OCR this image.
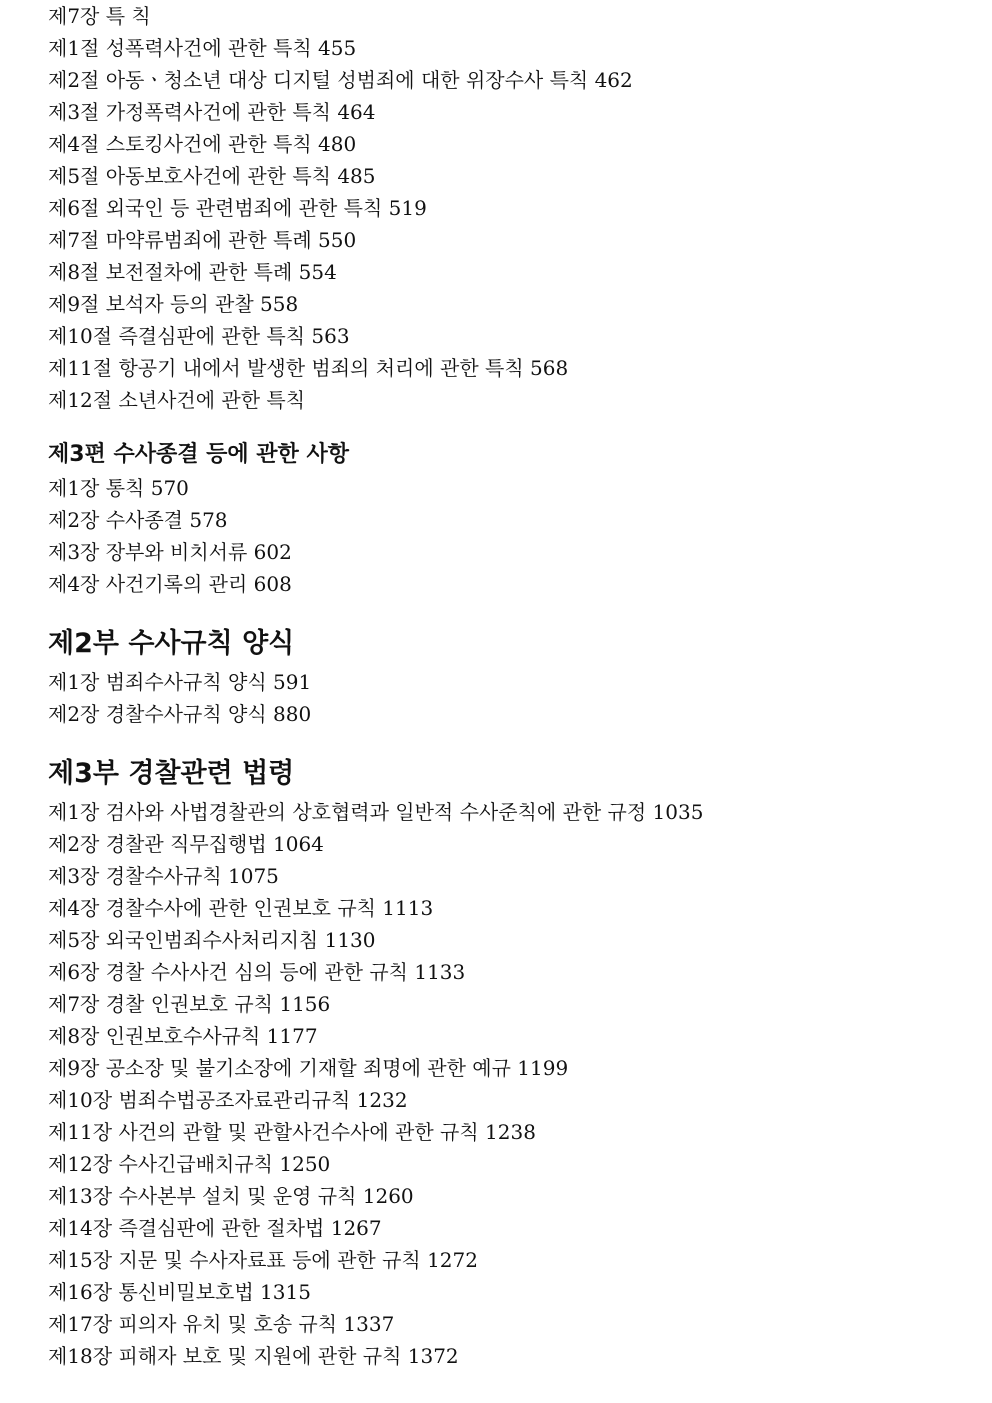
제7장 특 칙
제1절 성폭력사건에 관한 특칙 455
제2절 아동ㆍ청소년 대상 디지털 성범죄에 대한 위장수사 특칙 462
제3절 가정폭력사건에 관한 특칙 464
제4절 스토킹사건에 관한 특칙 480
제5절 아동보호사건에 관한 특칙 485
제6절 외국인 등 관련범죄에 관한 특칙 519
제7절 마약류범죄에 관한 특례 550
제8절 보전절차에 관한 특례 554
제9절 보석자 등의 관찰 558
제10절 즉결심판에 관한 특칙 563
제11절 항공기 내에서 발생한 범죄의 처리에 관한 특칙 568
제12절 소년사건에 관한 특칙
제3편 수사종결 등에 관한 사항
제1장 통칙 570
제2장 수사종결 578
제3장 장부와 비치서류 602
제4장 사건기록의 관리 608
제2부 수사규칙 양식
제1장 범죄수사규칙 양식 591
제2장 경찰수사규칙 양식 880
제3부 경찰관련 법령
제1장 검사와 사법경찰관의 상호협력과 일반적 수사준칙에 관한 규정 1035
제2장 경찰관 직무집행법 1064
제3장 경찰수사규칙 1075
제4장 경찰수사에 관한 인권보호 규칙 1113
제5장 외국인범죄수사처리지침 1130
제6장 경찰 수사사건 심의 등에 관한 규칙 1133
제7장 경찰 인권보호 규칙 1156
제8장 인권보호수사규칙 1177
제9장 공소장 및 불기소장에 기재할 죄명에 관한 예규 1199
제10장 범죄수법공조자료관리규칙 1232
제11장 사건의 관할 및 관할사건수사에 관한 규칙 1238
제12장 수사긴급배치규칙 1250
제13장 수사본부 설치 및 운영 규칙 1260
제14장 즉결심판에 관한 절차법 1267
제15장 지문 및 수사자료표 등에 관한 규칙 1272
제16장 통신비밀보호법 1315
제17장 피의자 유치 및 호송 규칙 1337
제18장 피해자 보호 및 지원에 관한 규칙 1372
